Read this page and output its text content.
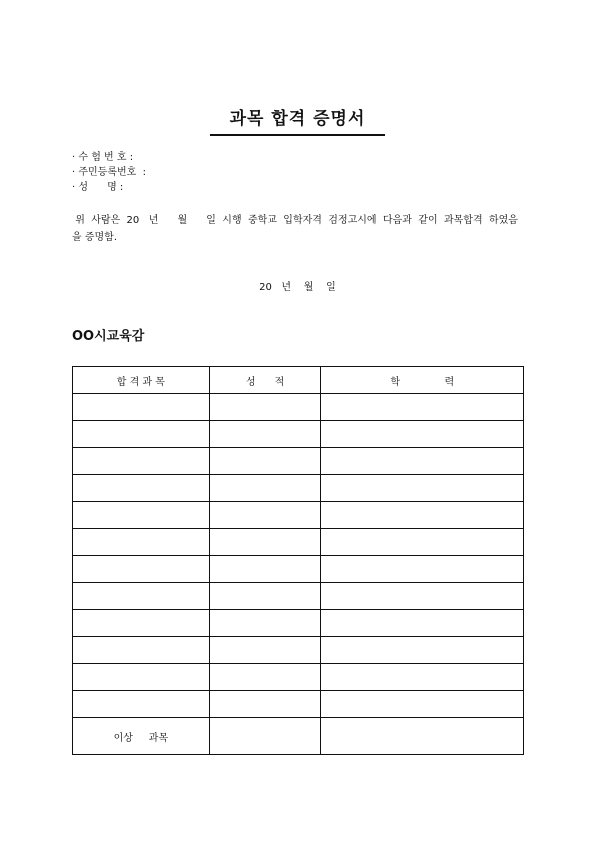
과목 합격 증명서
· 수 험 번 호 :
· 주민등록번호  :
· 성      명 :
위  사람은  20   년      월      일  시행  중학교  입학자격  검정고시에  다음과  같이  과목합격  하였음을 증명함.
20   년    월    일
OO시교육감
합 격 과 목	성      적	학              력

이상     과목		
